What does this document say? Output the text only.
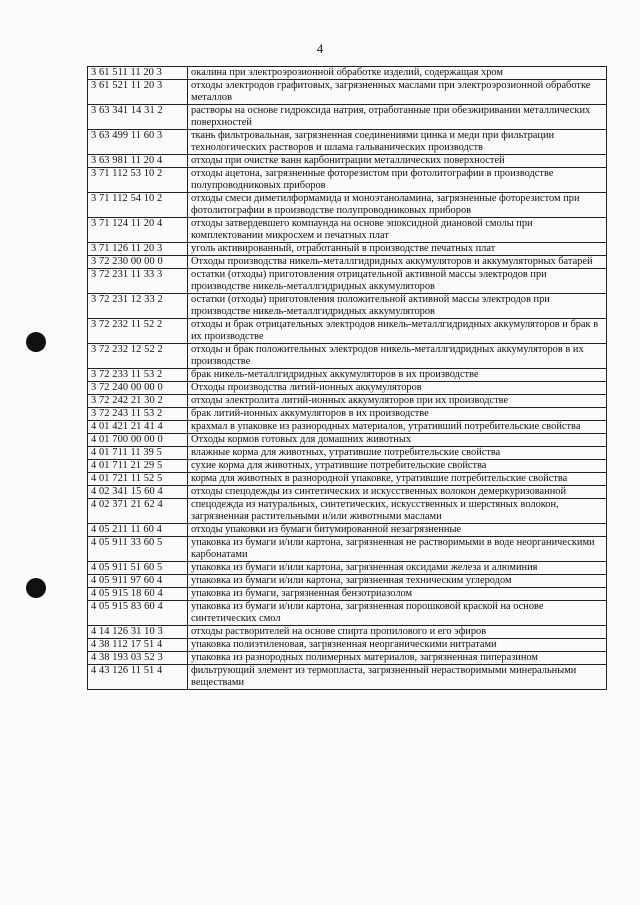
4
3 61 511 11 20 3	окалина при электроэрозионной обработке изделий, содержащая хром
3 61 521 11 20 3	отходы электродов графитовых, загрязненных маслами при электроэрозионной обработке металлов
3 63 341 14 31 2	растворы на основе гидроксида натрия, отработанные при обезжиривании металлических поверхностей
3 63 499 11 60 3	ткань фильтровальная, загрязненная соединениями цинка и меди при фильтрации технологических растворов и шлама гальванических производств
3 63 981 11 20 4	отходы при очистке ванн карбонитрации металлических поверхностей
3 71 112 53 10 2	отходы ацетона, загрязненные фоторезистом при фотолитографии в производстве полупроводниковых приборов
3 71 112 54 10 2	отходы смеси диметилформамида и моноэтаноламина, загрязненные фоторезистом при фотолитографии в производстве полупроводниковых приборов
3 71 124 11 20 4	отходы затвердевшего компаунда на основе эпоксидной диановой смолы при комплектовании микросхем и печатных плат
3 71 126 11 20 3	уголь активированный, отработанный в производстве печатных плат
3 72 230 00 00 0	Отходы производства никель-металлгидридных аккумуляторов и аккумуляторных батарей
3 72 231 11 33 3	остатки (отходы) приготовления отрицательной активной массы электродов при производстве никель-металлгидридных аккумуляторов
3 72 231 12 33 2	остатки (отходы) приготовления положительной активной массы электродов при производстве никель-металлгидридных аккумуляторов
3 72 232 11 52 2	отходы и брак отрицательных электродов никель-металлгидридных аккумуляторов и брак в их производстве
3 72 232 12 52 2	отходы и брак положительных электродов никель-металлгидридных аккумуляторов в их производстве
3 72 233 11 53 2	брак никель-металлгидридных аккумуляторов в их производстве
3 72 240 00 00 0	Отходы производства литий-ионных аккумуляторов
3 72 242 21 30 2	отходы электролита литий-ионных аккумуляторов при их производстве
3 72 243 11 53 2	брак литий-ионных аккумуляторов в их производстве
4 01 421 21 41 4	крахмал в упаковке из разнородных материалов, утративший потребительские свойства
4 01 700 00 00 0	Отходы кормов готовых для домашних животных
4 01 711 11 39 5	влажные корма для животных, утратившие потребительские свойства
4 01 711 21 29 5	сухие корма для животных, утратившие потребительские свойства
4 01 721 11 52 5	корма для животных в разнородной упаковке, утратившие потребительские свойства
4 02 341 15 60 4	отходы спецодежды из синтетических и искусственных волокон демеркуризованной
4 02 371 21 62 4	спецодежда из натуральных, синтетических, искусственных и шерстяных волокон, загрязненная растительными и/или животными маслами
4 05 211 11 60 4	отходы упаковки из бумаги битумированной незагрязненные
4 05 911 33 60 5	упаковка из бумаги и/или картона, загрязненная не растворимыми в воде неорганическими карбонатами
4 05 911 51 60 5	упаковка из бумаги и/или картона, загрязненная оксидами железа и алюминия
4 05 911 97 60 4	упаковка из бумаги и/или картона, загрязненная техническим углеродом
4 05 915 18 60 4	упаковка из бумаги, загрязненная бензотриазолом
4 05 915 83 60 4	упаковка из бумаги и/или картона, загрязненная порошковой краской на основе синтетических смол
4 14 126 31 10 3	отходы растворителей на основе спирта пропилового и его эфиров
4 38 112 17 51 4	упаковка полиэтиленовая, загрязненная неорганическими нитратами
4 38 193 03 52 3	упаковка из разнородных полимерных материалов, загрязненная пиперазином
4 43 126 11 51 4	фильтрующий элемент из термопласта, загрязненный нерастворимыми минеральными веществами
